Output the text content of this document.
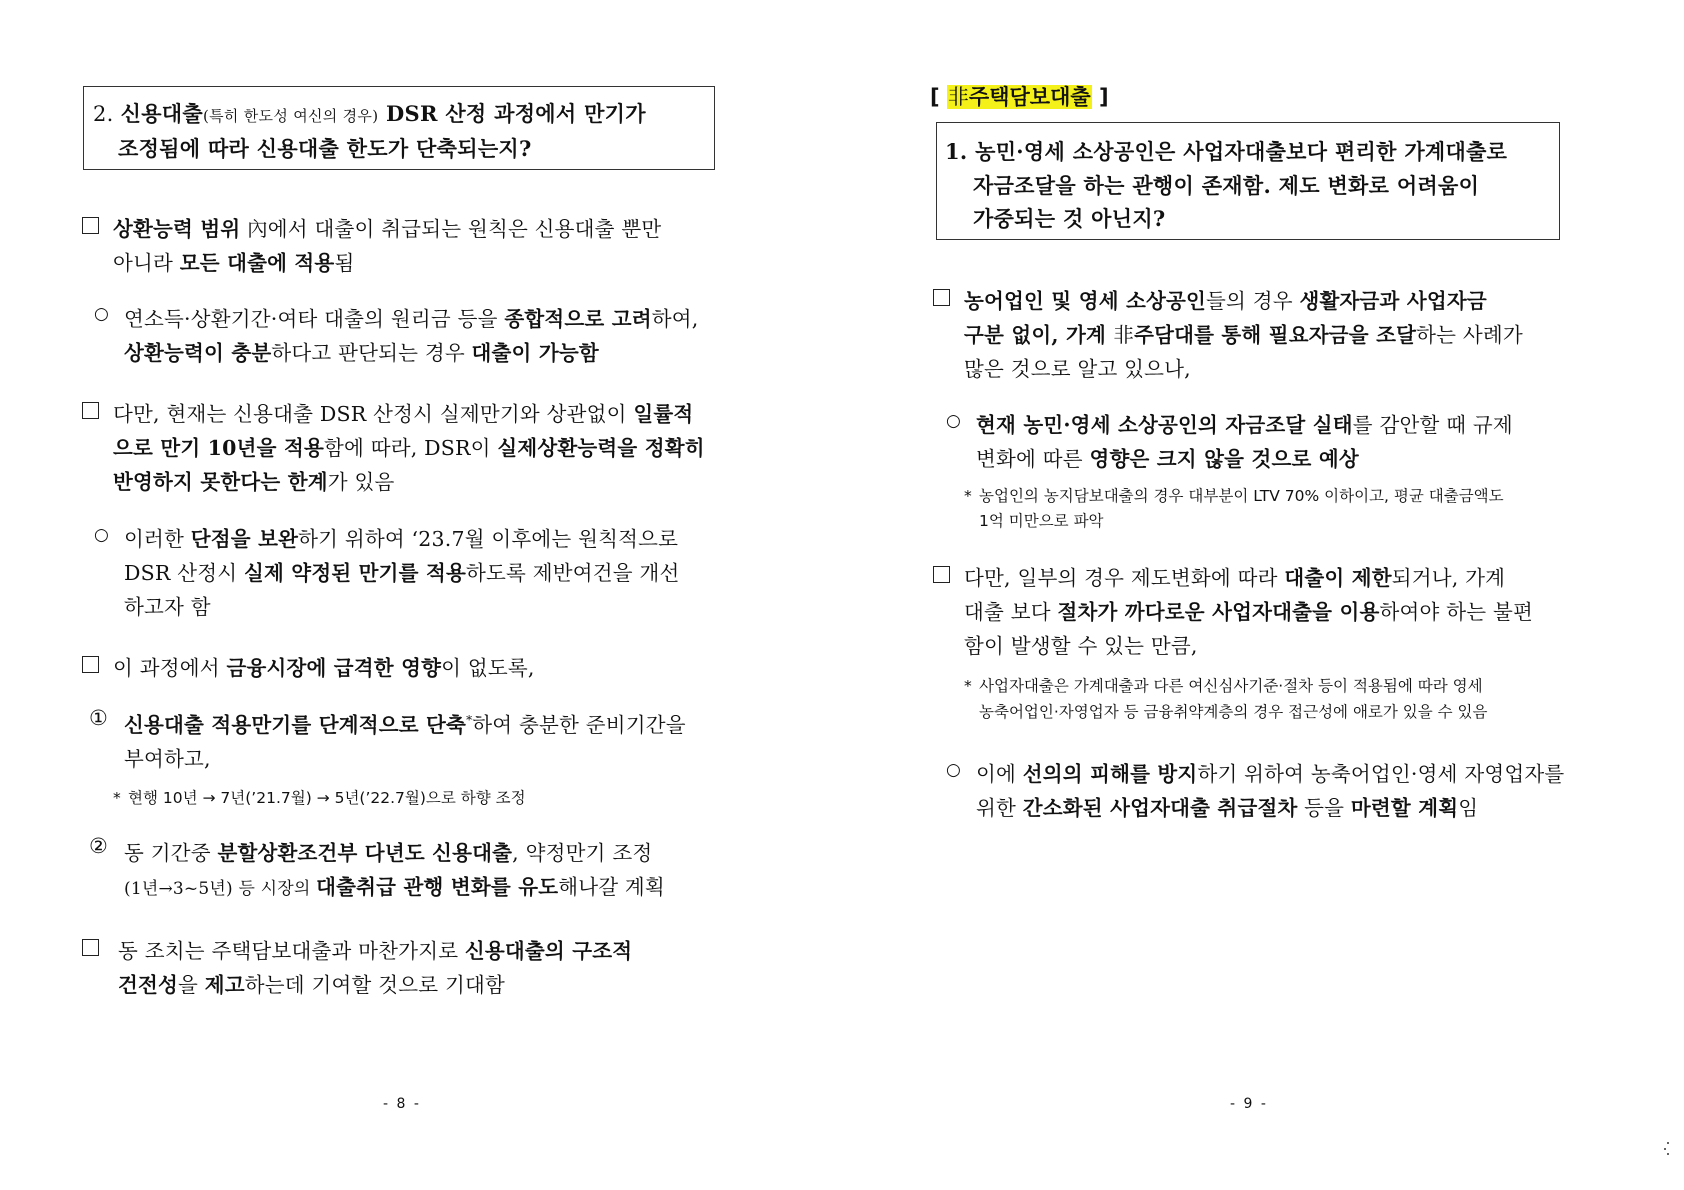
2. 신용대출(특히 한도성 여신의 경우) DSR 산정 과정에서 만기가
조정됨에 따라 신용대출 한도가 단축되는지?
상환능력 범위 內에서 대출이 취급되는 원칙은 신용대출 뿐만
아니라 모든 대출에 적용됨
○ 연소득·상환기간·여타 대출의 원리금 등을 종합적으로 고려하여,
상환능력이 충분하다고 판단되는 경우 대출이 가능함
다만, 현재는 신용대출 DSR 산정시 실제만기와 상관없이 일률적
으로 만기 10년을 적용함에 따라, DSR이 실제상환능력을 정확히
반영하지 못한다는 한계가 있음
○ 이러한 단점을 보완하기 위하여 ‘23.7월 이후에는 원칙적으로
DSR 산정시 실제 약정된 만기를 적용하도록 제반여건을 개선
하고자 함
이 과정에서 금융시장에 급격한 영향이 없도록,
① 신용대출 적용만기를 단계적으로 단축*하여 충분한 준비기간을
부여하고,
* 현행 10년 → 7년(’21.7월) → 5년(’22.7월)으로 하향 조정
② 동 기간중 분할상환조건부 다년도 신용대출, 약정만기 조정
(1년→3~5년) 등 시장의 대출취급 관행 변화를 유도해나갈 계획
동 조치는 주택담보대출과 마찬가지로 신용대출의 구조적
건전성을 제고하는데 기여할 것으로 기대함
- 8 -
[ 非주택담보대출 ]
1. 농민·영세 소상공인은 사업자대출보다 편리한 가계대출로
자금조달을 하는 관행이 존재함. 제도 변화로 어려움이
가중되는 것 아닌지?
농어업인 및 영세 소상공인들의 경우 생활자금과 사업자금
구분 없이, 가계 非주담대를 통해 필요자금을 조달하는 사례가
많은 것으로 알고 있으나,
○ 현재 농민·영세 소상공인의 자금조달 실태를 감안할 때 규제
변화에 따른 영향은 크지 않을 것으로 예상
* 농업인의 농지담보대출의 경우 대부분이 LTV 70% 이하이고, 평균 대출금액도
1억 미만으로 파악
다만, 일부의 경우 제도변화에 따라 대출이 제한되거나, 가계
대출 보다 절차가 까다로운 사업자대출을 이용하여야 하는 불편
함이 발생할 수 있는 만큼,
* 사업자대출은 가계대출과 다른 여신심사기준·절차 등이 적용됨에 따라 영세
농축어업인·자영업자 등 금융취약계층의 경우 접근성에 애로가 있을 수 있음
○ 이에 선의의 피해를 방지하기 위하여 농축어업인·영세 자영업자를
위한 간소화된 사업자대출 취급절차 등을 마련할 계획임
- 9 -
